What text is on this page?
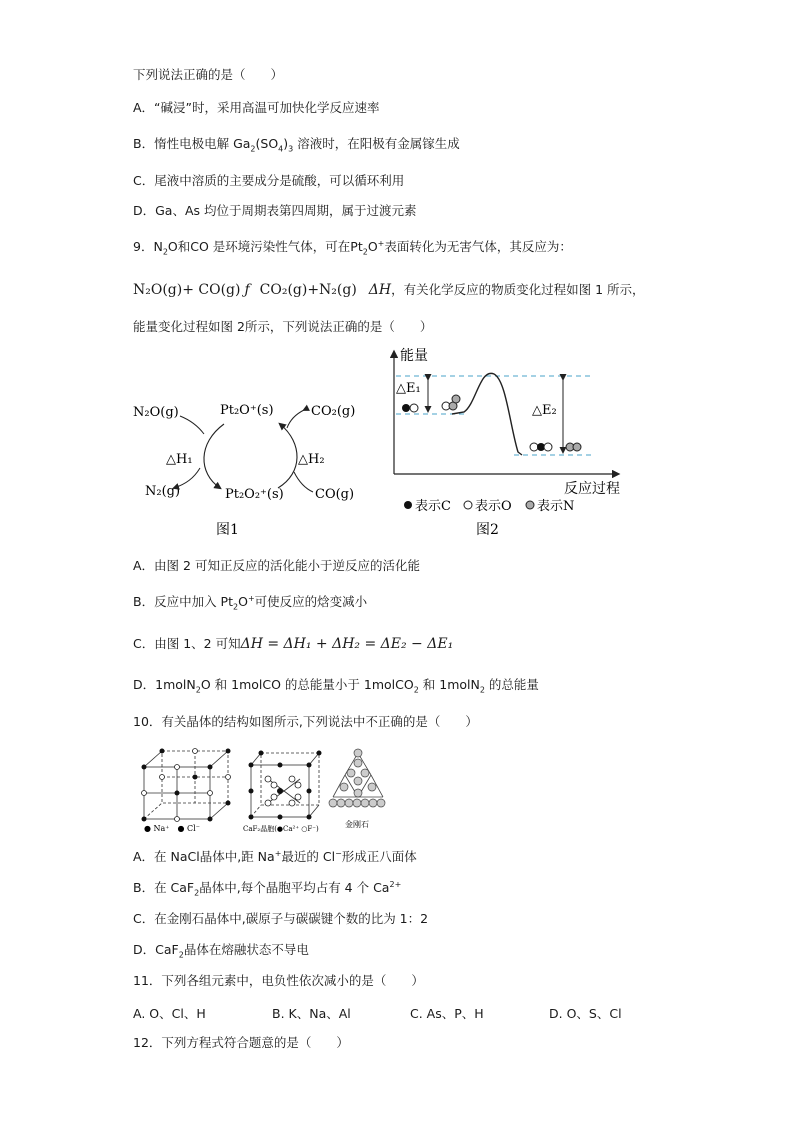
下列说法正确的是（　　）
A．“碱浸”时，采用高温可加快化学反应速率
B．惰性电极电解 $Ga_2(SO_4)_3$ 溶液时，在阳极有金属镓生成
C．尾液中溶质的主要成分是硫酸，可以循环利用
D．Ga、As 均位于周期表第四周期，属于过渡元素
9．$N_2O$和CO 是环境污染性气体，可在$Pt_2O^+$表面转化为无害气体，其反应为：
N₂O(g)+ CO(g) ƒ CO₂(g)+N₂(g) ΔH，有关化学反应的物质变化过程如图 1 所示，
能量变化过程如图 2所示，下列说法正确的是（　　）
N₂O(g)	Pt₂O⁺(s)	CO₂(g)
△H₁	△H₂
N₂(g)	Pt₂O₂⁺(s) CO(g)
图1
能量
反应过程
△E₁
△E₂
表示C 表示O 表示N
图2
A．由图 2 可知正反应的活化能小于逆反应的活化能
B．反应中加入 $Pt_2O^+$可使反应的焓变减小
C．由图 1、2 可知ΔH = ΔH₁ + ΔH₂ = ΔE₂ − ΔE₁
D．1molN$_2$O 和 1molCO 的总能量小于 1molCO$_2$ 和 1molN$_2$ 的总能量
10．有关晶体的结构如图所示,下列说法中不正确的是（　　）
● Na⁺　● Cl⁻	CaF₂晶胞(●Ca²⁺ ○F⁻)	金刚石
A．在 NaCl晶体中,距 Na+最近的 Cl−形成正八面体
B．在 CaF$_2$晶体中,每个晶胞平均占有 4 个 $Ca^{2+}$
C．在金刚石晶体中,碳原子与碳碳键个数的比为 1：2
D．CaF$_2$晶体在熔融状态不导电
11．下列各组元素中，电负性依次减小的是（　　）
A. O、Cl、H	B. K、Na、Al	C. As、P、H	D. O、S、Cl
12．下列方程式符合题意的是（　　）
